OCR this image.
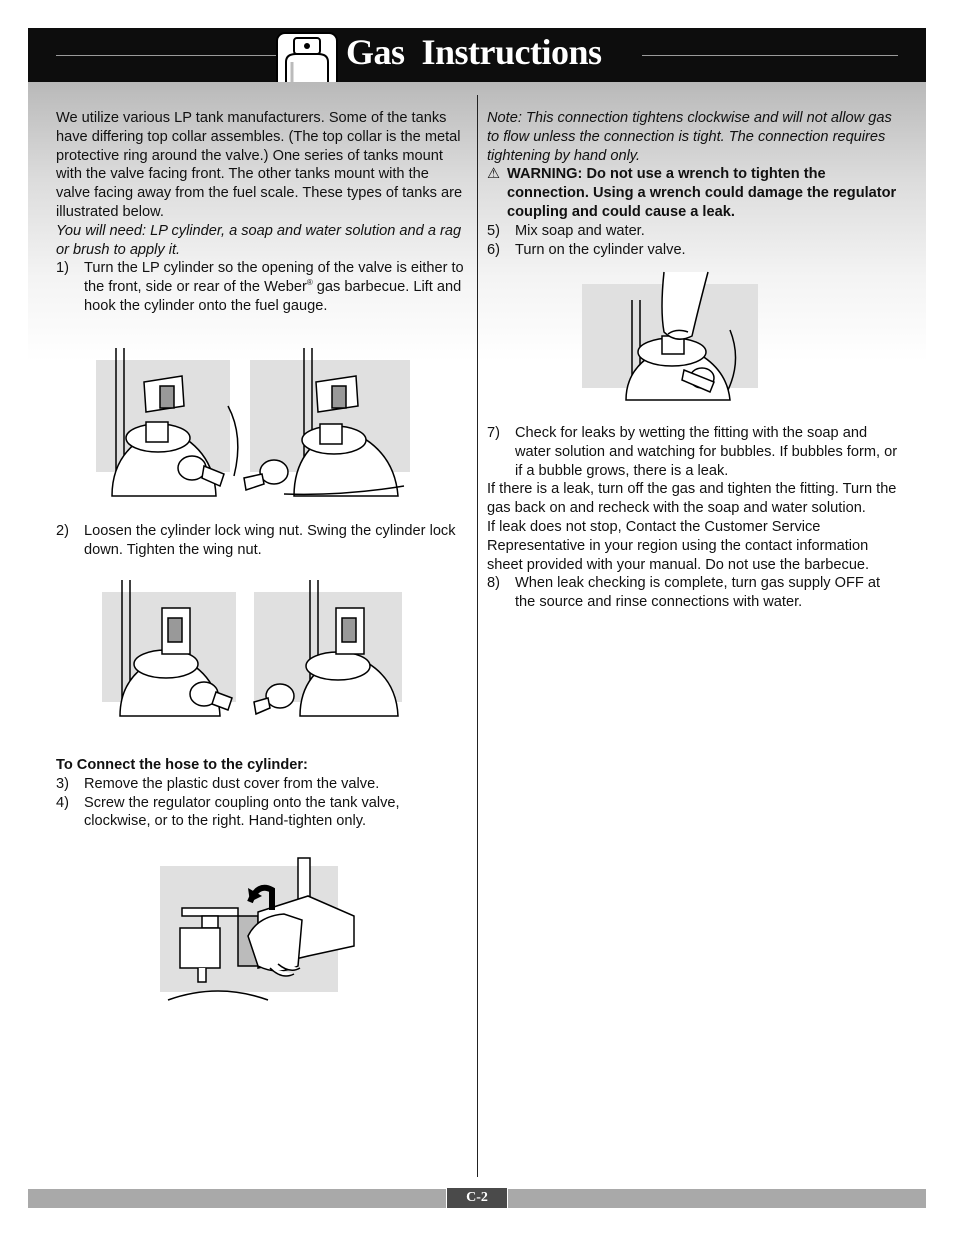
Gas  Instructions

We utilize various LP tank manufacturers. Some of the tanks have differing top collar assembles. (The top collar is the metal protective ring around the valve.) One series of tanks mount with the valve facing front. The other tanks mount with the valve facing away from the fuel scale. These types of tanks are illustrated below.

You will need: LP cylinder, a soap and water solution and a rag or brush to apply it.

1) Turn the LP cylinder so the opening of the valve is either to the front, side or rear of the Weber® gas barbecue. Lift and hook the cylinder onto the fuel gauge.
2) Loosen the cylinder lock wing nut. Swing the cylinder lock down. Tighten the wing nut.

To Connect the hose to the cylinder:

3) Remove the plastic dust cover from the valve.
4) Screw the regulator coupling onto the tank valve, clockwise, or to the right. Hand-tighten only.

Note: This connection tightens clockwise and will not allow gas to flow unless the connection is tight. The connection requires tightening by hand only.

⚠ WARNING: Do not use a wrench to tighten the connection. Using a wrench could damage the regulator coupling and could cause a leak.
5) Mix soap and water.
6) Turn on the cylinder valve.
7) Check for leaks by wetting the fitting with the soap and water solution and watching for bubbles. If bubbles form, or if a bubble grows, there is a leak.

If there is a leak, turn off the gas and tighten the fitting. Turn the gas back on and recheck with the soap and water solution.

If leak does not stop, Contact the Customer Service Representative in your region using the contact information sheet provided with your manual. Do not use the barbecue.

8) When leak checking is complete, turn gas supply OFF at the source and rinse connections with water.
C-2
